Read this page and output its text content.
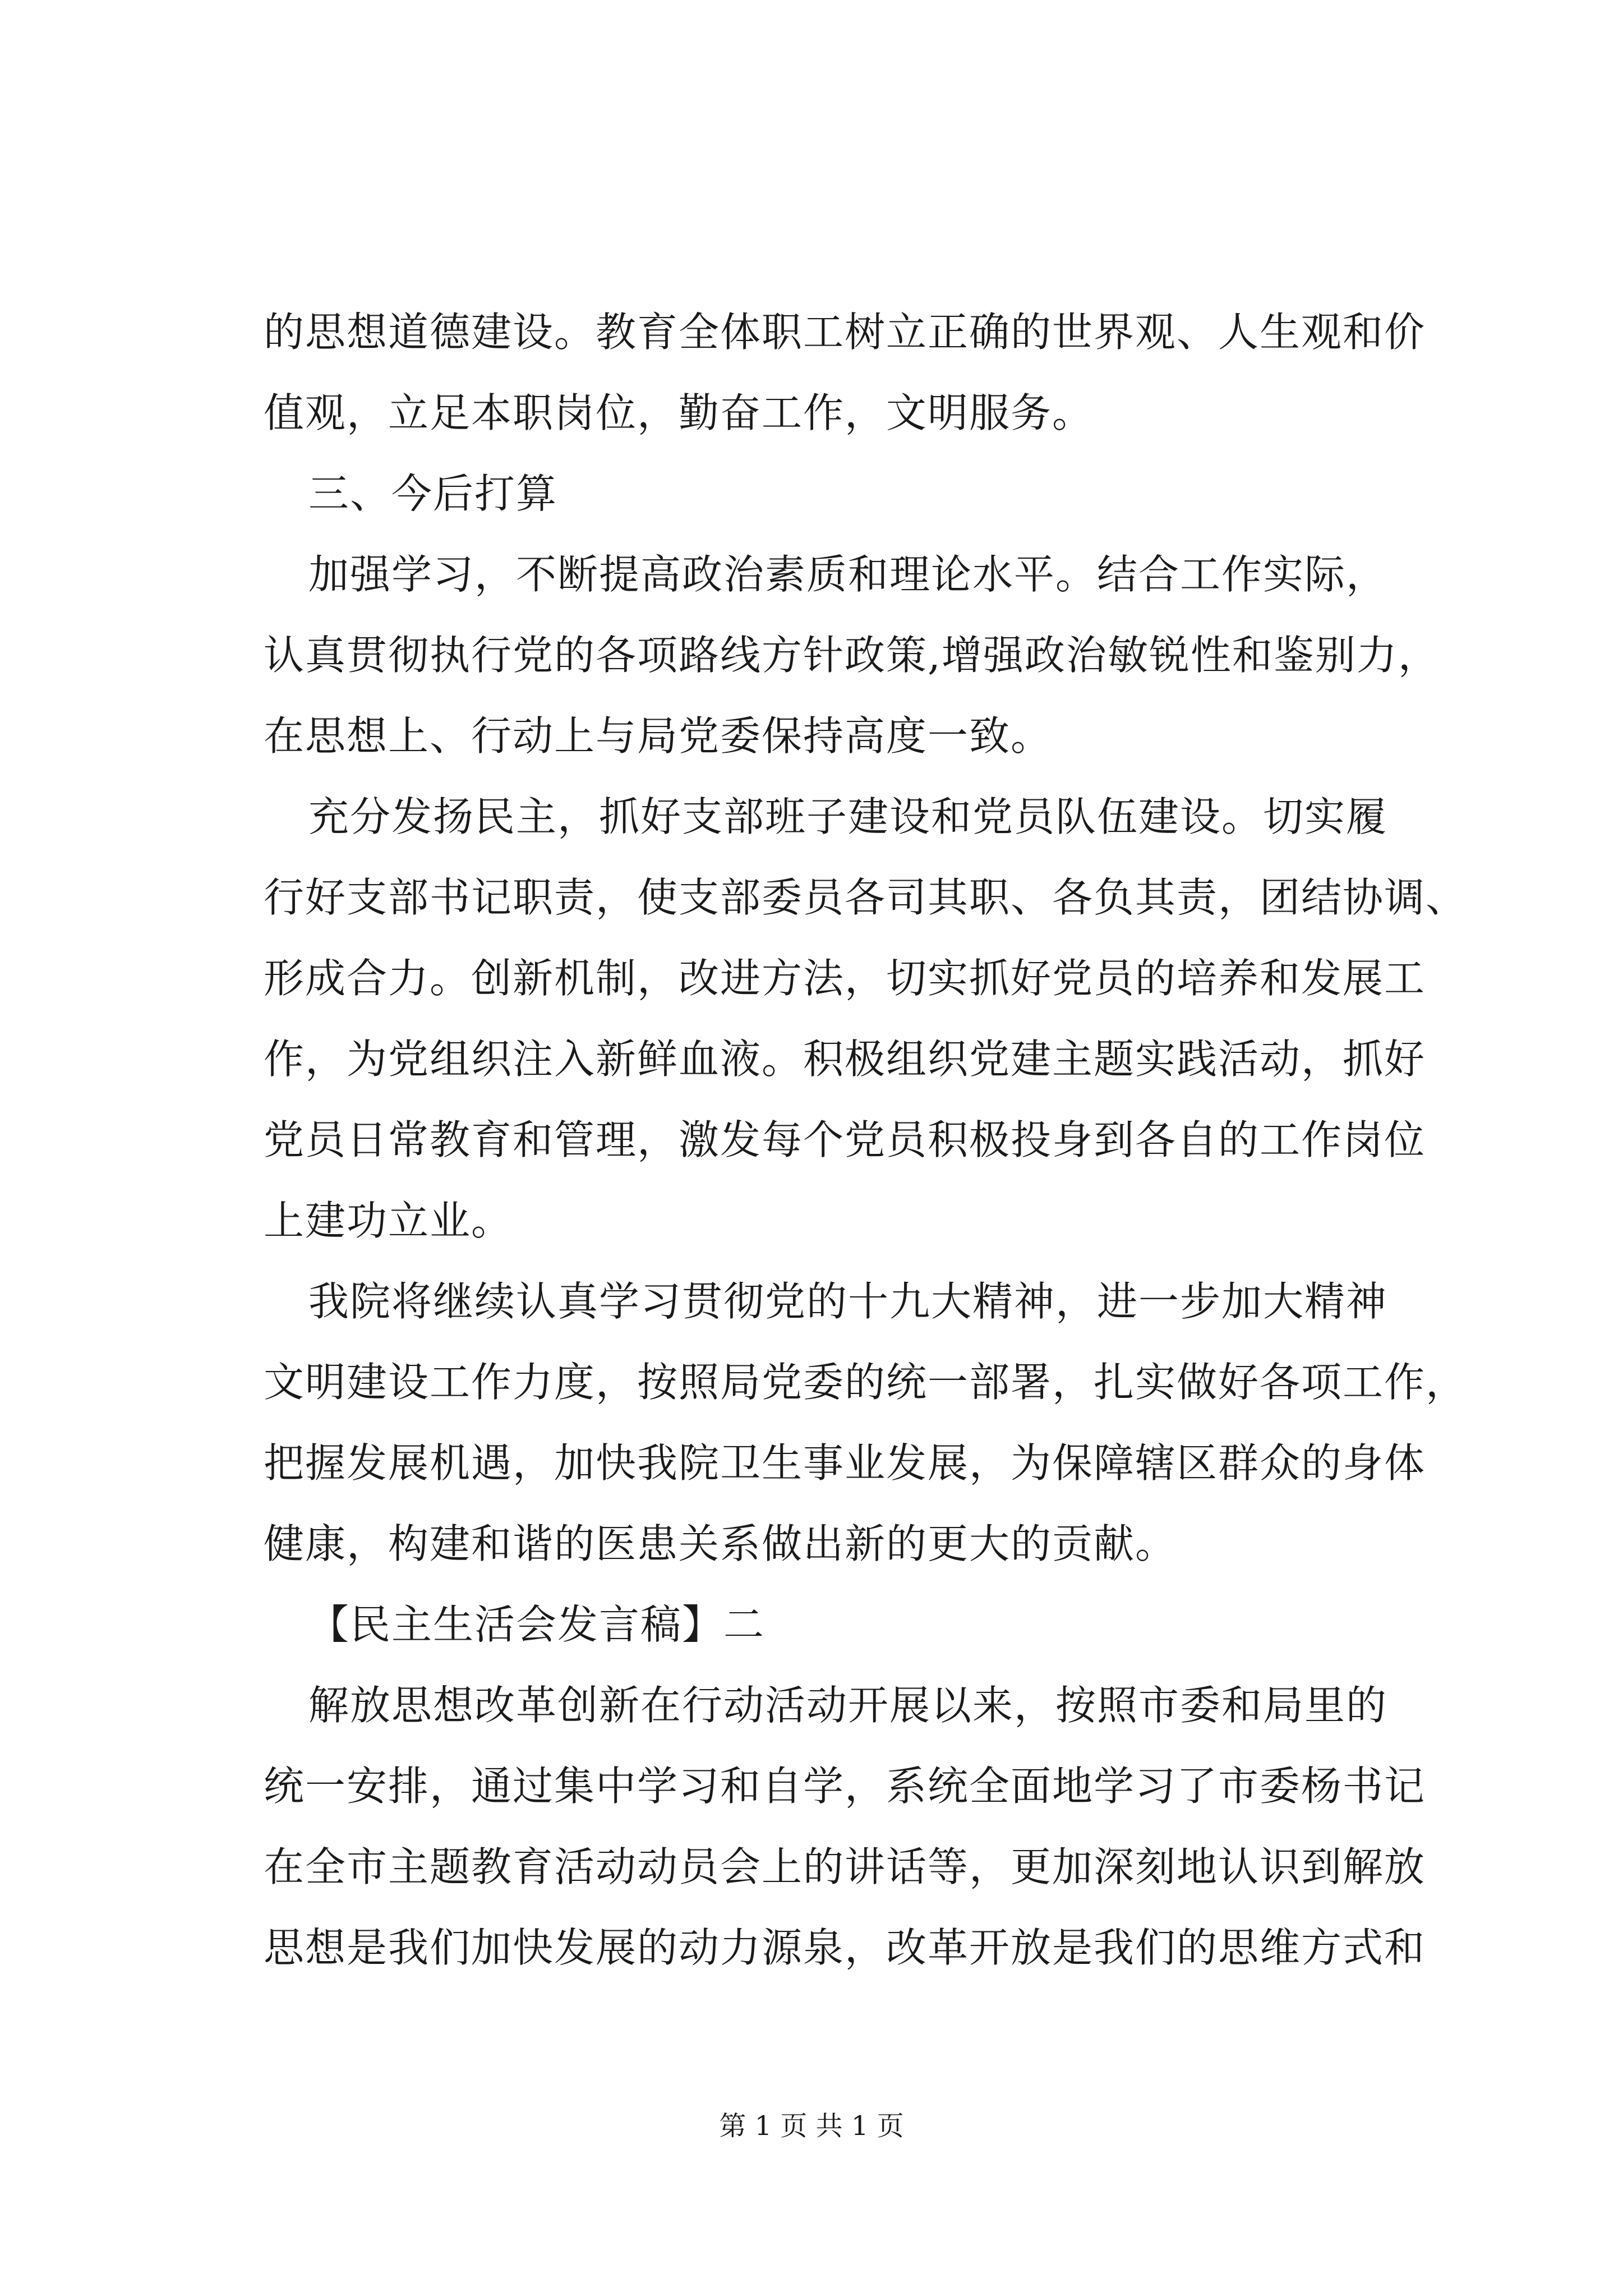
的思想道德建设。教育全体职工树立正确的世界观、人生观和价
值观，立足本职岗位，勤奋工作，文明服务。
三、今后打算
加强学习，不断提高政治素质和理论水平。结合工作实际，
认真贯彻执行党的各项路线方针政策,增强政治敏锐性和鉴别力，
在思想上、行动上与局党委保持高度一致。
充分发扬民主，抓好支部班子建设和党员队伍建设。切实履
行好支部书记职责，使支部委员各司其职、各负其责，团结协调、
形成合力。创新机制，改进方法，切实抓好党员的培养和发展工
作，为党组织注入新鲜血液。积极组织党建主题实践活动，抓好
党员日常教育和管理，激发每个党员积极投身到各自的工作岗位
上建功立业。
我院将继续认真学习贯彻党的十九大精神，进一步加大精神
文明建设工作力度，按照局党委的统一部署，扎实做好各项工作，
把握发展机遇，加快我院卫生事业发展，为保障辖区群众的身体
健康，构建和谐的医患关系做出新的更大的贡献。
【民主生活会发言稿】二
解放思想改革创新在行动活动开展以来，按照市委和局里的
统一安排，通过集中学习和自学，系统全面地学习了市委杨书记
在全市主题教育活动动员会上的讲话等，更加深刻地认识到解放
思想是我们加快发展的动力源泉，改革开放是我们的思维方式和
第 1 页 共 1 页
